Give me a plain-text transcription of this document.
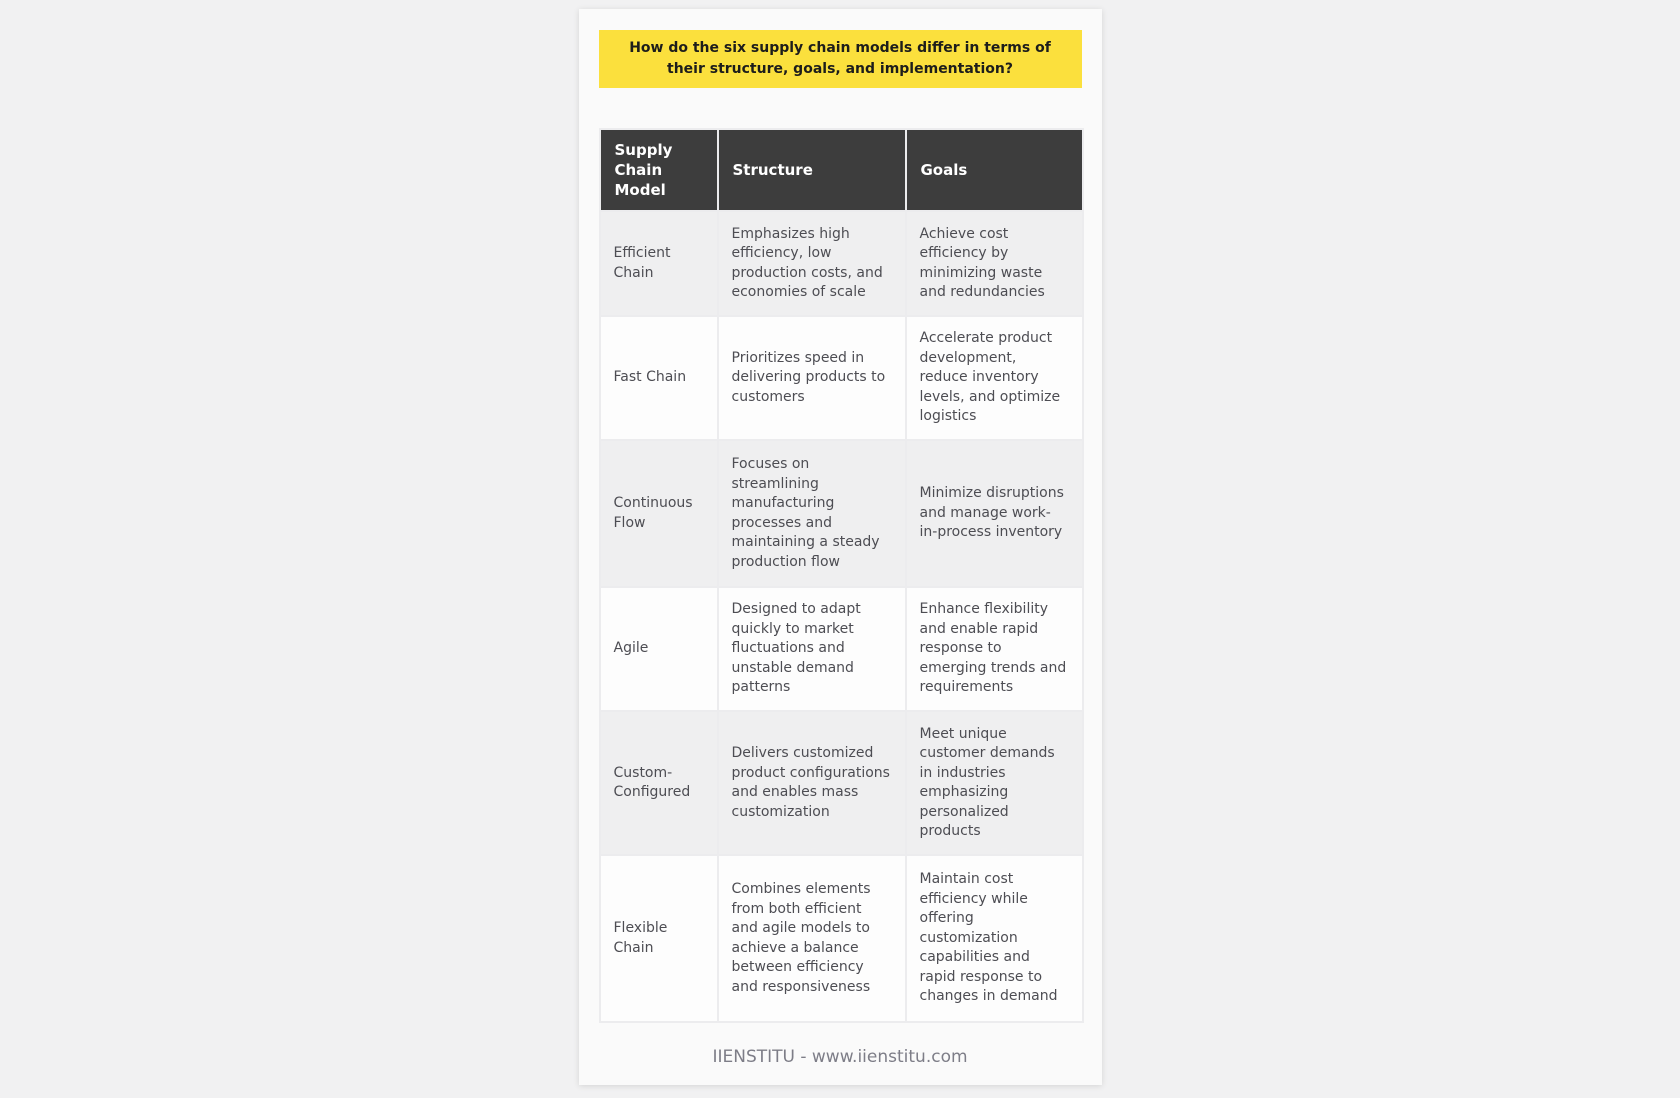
How do the six supply chain models differ in terms of their structure, goals, and implementation?
Supply Chain Model	Structure	Goals
Efficient Chain	Emphasizes high efficiency, low production costs, and economies of scale	Achieve cost efficiency by minimizing waste and redundancies
Fast Chain	Prioritizes speed in delivering products to customers	Accelerate product development, reduce inventory levels, and optimize logistics
Continuous Flow	Focuses on streamlining manufacturing processes and maintaining a steady production flow	Minimize disruptions and manage work-in-process inventory
Agile	Designed to adapt quickly to market fluctuations and unstable demand patterns	Enhance flexibility and enable rapid response to emerging trends and requirements
Custom-Configured	Delivers customized product configurations and enables mass customization	Meet unique customer demands in industries emphasizing personalized products
Flexible Chain	Combines elements from both efficient and agile models to achieve a balance between efficiency and responsiveness	Maintain cost efficiency while offering customization capabilities and rapid response to changes in demand
IIENSTITU - www.iienstitu.com
